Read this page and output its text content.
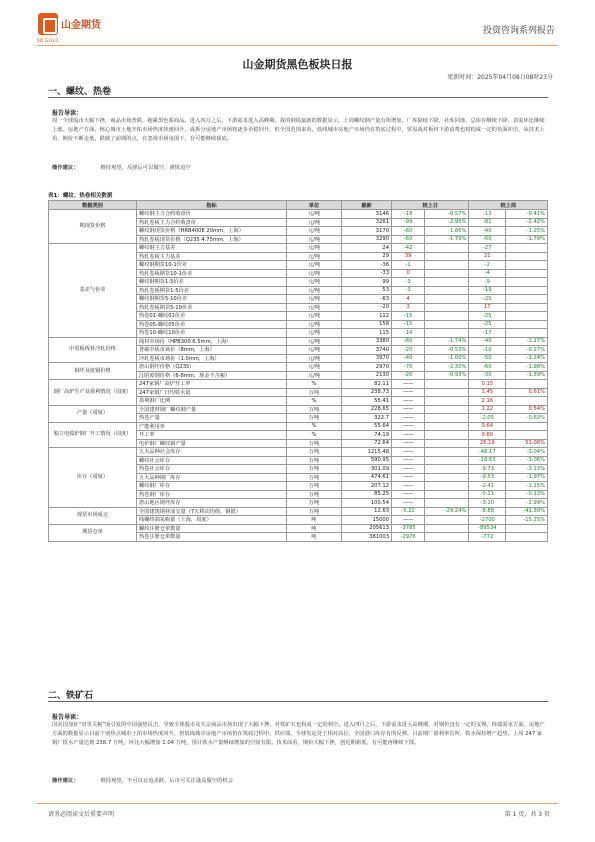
山金期货
SD GOLD
投资咨询系列报告
山金期货黑色板块日报
更新时间：2025年04月08日08时23分
一、螺纹、热卷
报告导读：
周一全球股市大幅下挫，商品市场普跌，拖累黑色系商品。进入四月之后，下游需求进入高峰期。我的钢铁最新的数据显示，上周螺纹钢产量有所增加，厂库除续下降，社库回落，总库存继续下降，表需环比继续上涨。房地产方面，核心城市土地开拓市场热度快速回升，成拆分房地产市场将逐步企稳回升，但全国范围来看，低线城市房地产市场仍在筑底过程中，贸易战对板材下游消费也将构成一定的负面冲击，从技术上看，期价不断走低，跌破了前期的点，在忽视市场氛围下，有可能继续探底。
操作建议：	维持观望，反弹后可以做空，谨慎追空
表1：螺纹、热卷相关数据
数据类别	指标	单位	最新	较上日		较上周	
期现货价格	螺纹钢主力合约收盘价	元/吨	3146	-18	-0.57%	-13	-0.41%
	热轧卷板主力合约收盘价	元/吨	3261	-99	-2.95%	-81	-2.42%
	螺纹钢现货价格（HRB400E 20mm，上海）	元/吨	3170	-60	-1.86%	-40	-1.25%
	热轧卷板现货价格（Q235 4.75mm，上海）	元/吨	3290	-60	-1.79%	-60	-1.79%
基差与价差	螺纹钢主力基差	元/吨	24	-42		-27	
	热轧卷板主力基差	元/吨	29	39		21	
	螺纹钢期货10-1价差	元/吨	-36	-1		-2	
	热轧卷板期货10-1价差	元/吨	-33	0		-4	
	螺纹钢期货1-5价差	元/吨	99	-3		-9	
	热轧卷板期货1-5价差	元/吨	53	-3		-19	
	螺纹钢期货5-10价差	元/吨	-63	4		-25	
	热轧卷板期货5-10价差	元/吨	-20	3		17	
	热卷01-螺纹01价差	元/吨	112	-15		-25	
	热卷05-螺纹05价差	元/吨	158	-15		-25	
	热卷10-螺纹10价差	元/吨	115	-14		-17	
中厚板线材冷轧价格	线材市场价（HPB300 6.5mm，上海）	元/吨	3380	-60	-1.74%	-40	-1.17%
	普碳中板市场价（8mm，上海）	元/吨	3740	-20	-0.53%	-10	-0.27%
	冷轧卷板市场价（1.0mm，上海）	元/吨	3970	-40	-1.00%	-50	-1.24%
钢坯及废钢价格	唐山钢坯价格（Q235）	元/吨	2970	-70	-2.30%	-60	-1.98%
	江阴废钢价格（6-8mm，现金不含税）	元/吨	2130	-20	-0.93%	-30	-1.39%
钢厂高炉生产及盈利情况（周度）	247家钢厂高炉开工率	%	82.11	——		0.15	
	247家钢厂日均铁水量	万吨	238.73	——		1.45	0.61%
	盈利钢厂比例	%	55.41	——		2.16	
产量（周度）	全国建材钢厂螺纹钢产量	万吨	228.65	——		1.22	0.54%
	热卷产量	万吨	322.7	——		-2.05	-0.63%
独立电弧炉钢厂开工情况（周度）	产能利用率	%	55.64	——		0.64	
	开工率	%	74.19	——		0.80	
	电炉钢厂螺纹钢产量	万吨	72.64	——		25.19	53.08%
库存（周度）	五大品种社会库存	万吨	1215.48	——		-48.17	-3.04%
	螺纹社会库存	万吨	590.95	——		-18.63	-3.06%
	热卷社会库存	万吨	301.09	——		-9.73	-3.13%
	五大品种钢厂库存	万吨	474.61	——		-9.53	-1.97%
	螺纹钢厂库存	万吨	207.12	——		-2.41	-1.15%
	热卷钢厂库存	万吨	85.25	——		-0.11	-0.13%
	唐山地区钢坯库存	万吨	100.54	——		-3.10	-2.99%
现货市场成交	全国建筑钢材成交量（7天移动均值，钢银）	万吨	12.63	-5.22	-29.24%	-8.88	-41.30%
	线螺终端采购量（上海，周度）	吨	15000	——		-2700	-15.25%
期货仓单	螺纹注册仓单数量	吨	205613	-3785		-89534	
	热卷注册仓单数量	吨	381003	-2976		-772	
二、铁矿石
报告导读：
因美国加征“对等关税”而引发的中国强势反击，导致全球股市及大宗商品市场出现了大幅下挫，对铁矿石也构成一定的利空。进入四月之后，下游需求进入高峰期，对钢价没有一定的支撑。终端需求方面，房地产方面的数据显示目前个别热点城市土拍市场热度回升，但低线城市房地产市场仍在筑底过程中。供应端，全球发运处于相对高位，全国港口库存有所反弹。目前钢厂盈利率有所，铁水保持增产趋势，上周 247 家钢厂铁水产量达到 238.7 万吨，环比大幅增加 1.04 万吨，预计铁水产量继续增加的空间有限。技术面看，期价大幅下挫，创近期新低，有可能再继续下探。
操作建议：	维持观望，不可以盲追杀跌，后市可关注逢高做空的机会
请务必阅读文后重要声明	第 1 页，共 3 页
